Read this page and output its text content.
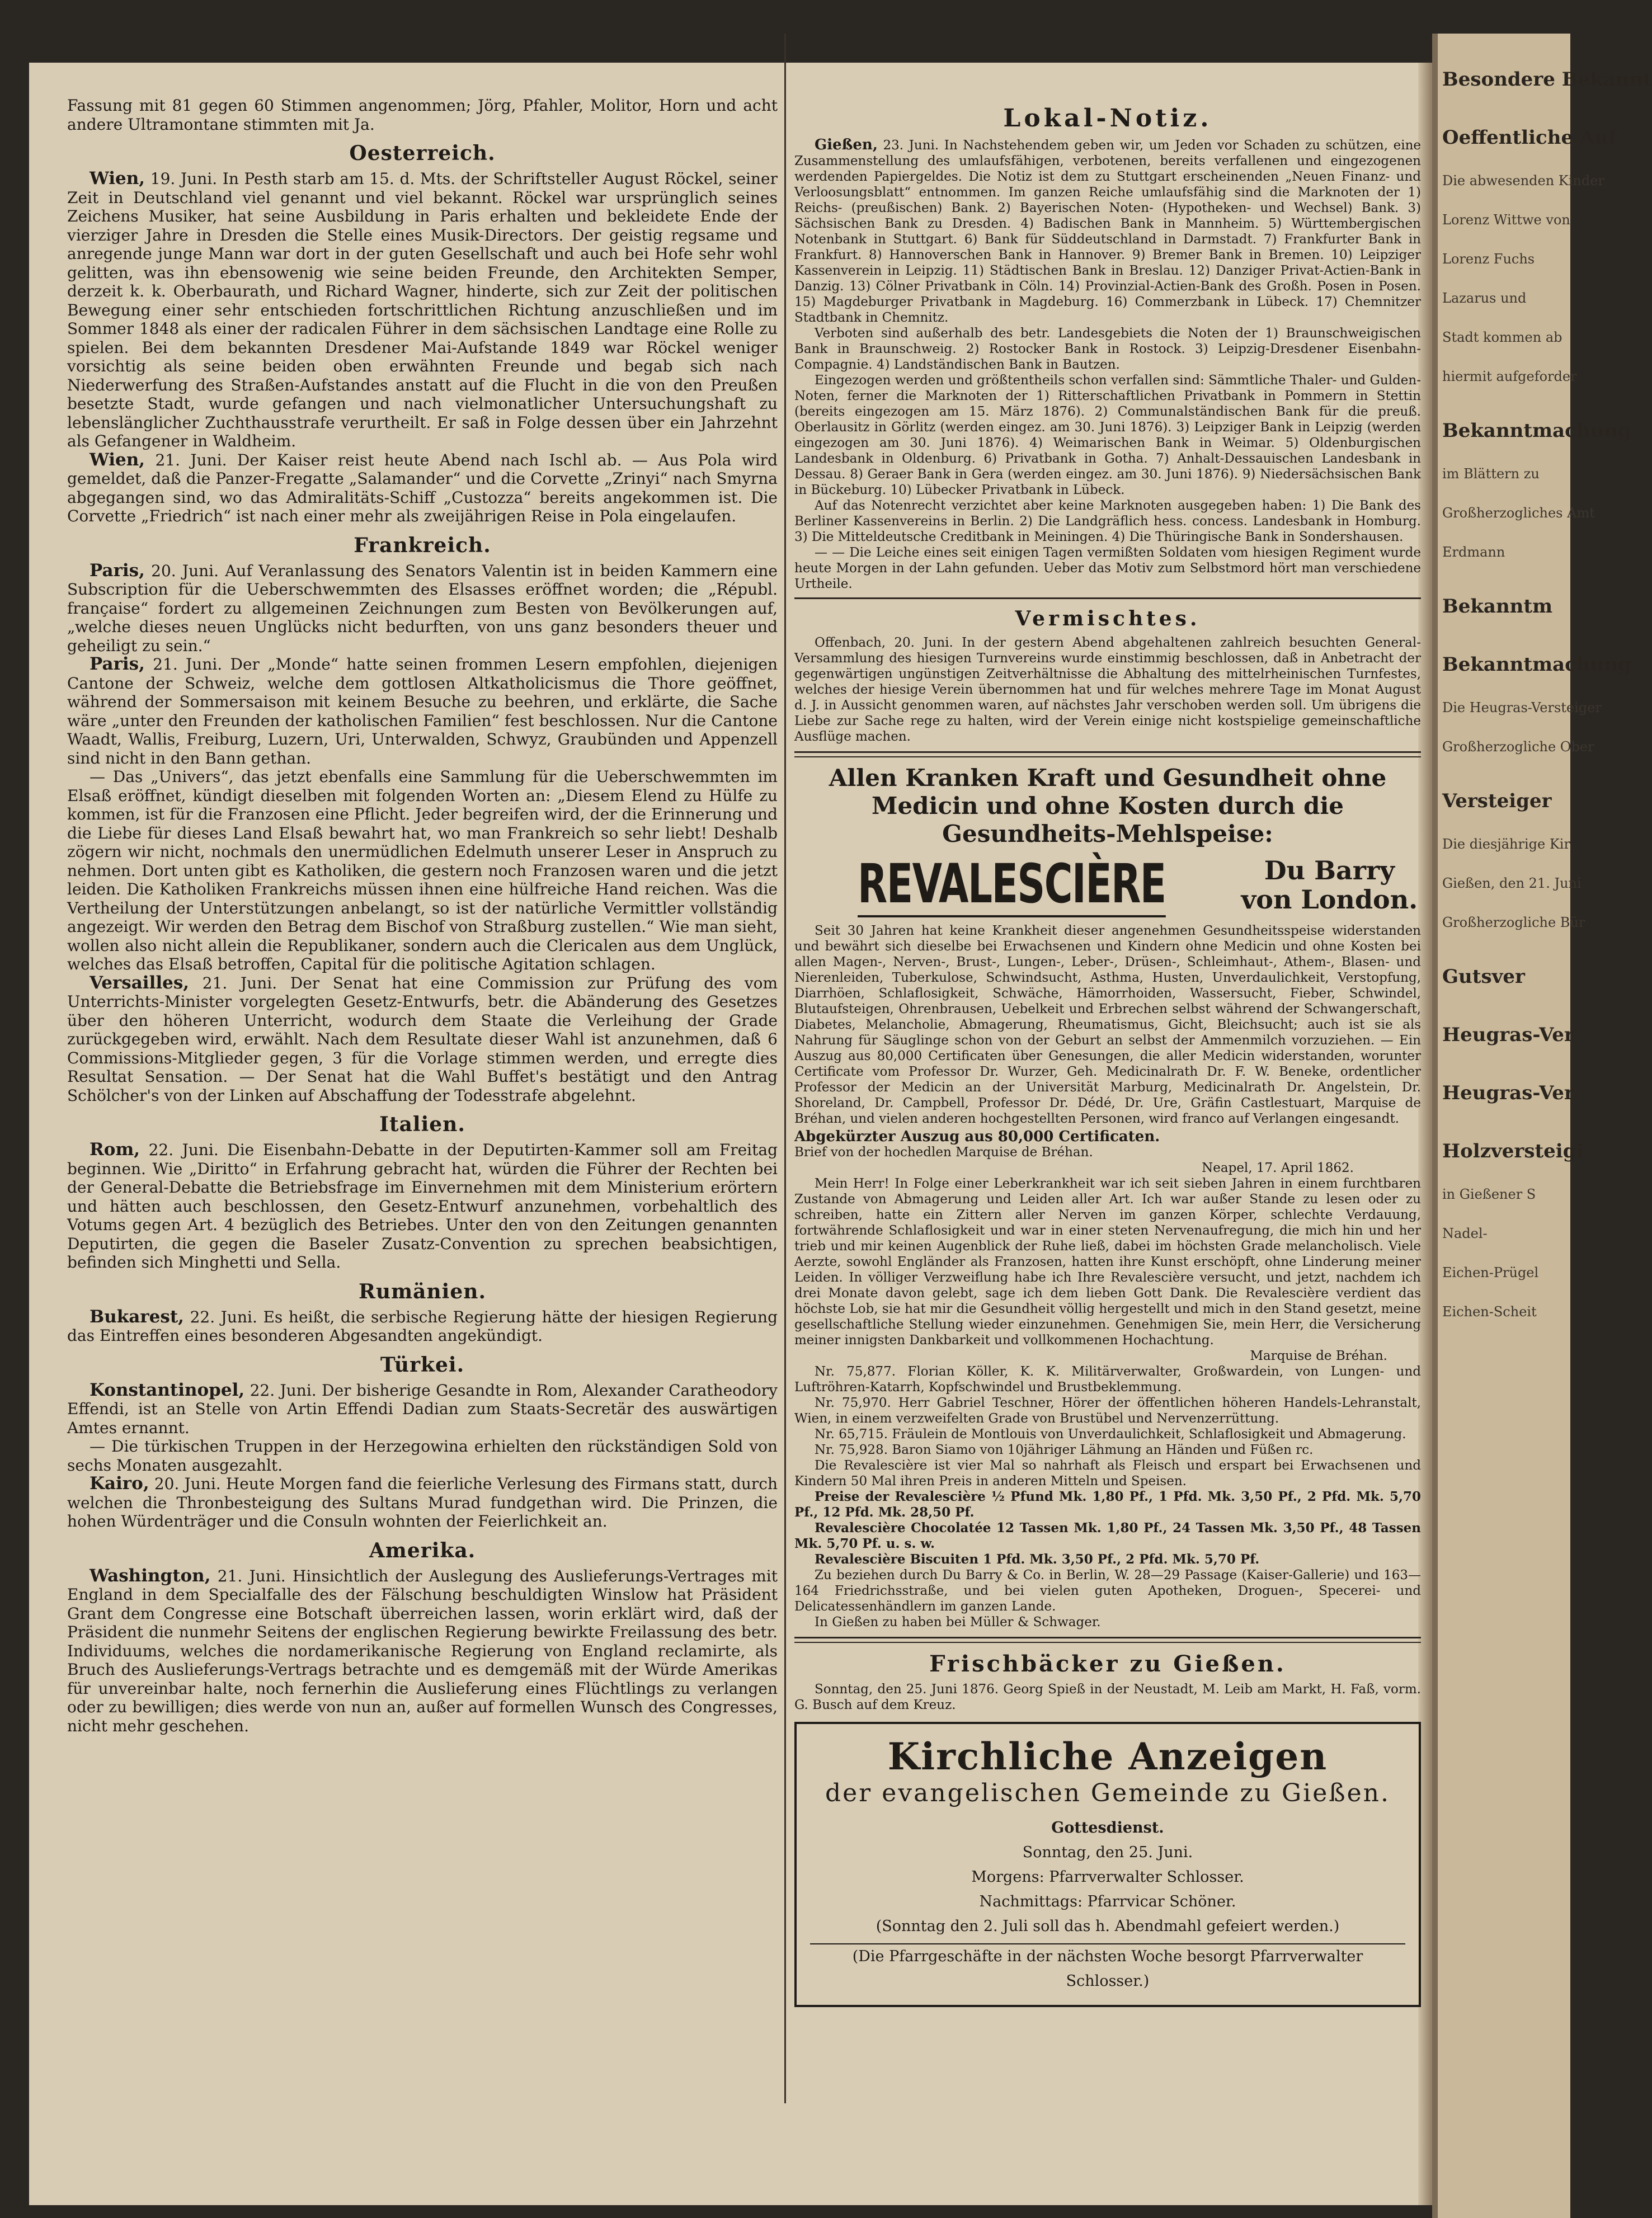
Fassung mit 81 gegen 60 Stimmen angenommen; Jörg, Pfahler, Molitor, Horn und acht andere Ultramontane stimmten mit Ja.

Oesterreich.

Wien, 19. Juni. In Pesth starb am 15. d. Mts. der Schriftsteller August Röckel, seiner Zeit in Deutschland viel genannt und viel bekannt. Röckel war ursprünglich seines Zeichens Musiker, hat seine Ausbildung in Paris erhalten und bekleidete Ende der vierziger Jahre in Dresden die Stelle eines Musik-Directors. Der geistig regsame und anregende junge Mann war dort in der guten Gesellschaft und auch bei Hofe sehr wohl gelitten, was ihn ebensowenig wie seine beiden Freunde, den Architekten Semper, derzeit k. k. Oberbaurath, und Richard Wagner, hinderte, sich zur Zeit der politischen Bewegung einer sehr entschieden fortschrittlichen Richtung anzuschließen und im Sommer 1848 als einer der radicalen Führer in dem sächsischen Landtage eine Rolle zu spielen. Bei dem bekannten Dresdener Mai-Aufstande 1849 war Röckel weniger vorsichtig als seine beiden oben erwähnten Freunde und begab sich nach Niederwerfung des Straßen-Aufstandes anstatt auf die Flucht in die von den Preußen besetzte Stadt, wurde gefangen und nach vielmonatlicher Untersuchungshaft zu lebenslänglicher Zuchthausstrafe verurtheilt. Er saß in Folge dessen über ein Jahrzehnt als Gefangener in Waldheim.

Wien, 21. Juni. Der Kaiser reist heute Abend nach Ischl ab. — Aus Pola wird gemeldet, daß die Panzer-Fregatte „Salamander“ und die Corvette „Zrinyi“ nach Smyrna abgegangen sind, wo das Admiralitäts-Schiff „Custozza“ bereits angekommen ist. Die Corvette „Friedrich“ ist nach einer mehr als zweijährigen Reise in Pola eingelaufen.

Frankreich.

Paris, 20. Juni. Auf Veranlassung des Senators Valentin ist in beiden Kammern eine Subscription für die Ueberschwemmten des Elsasses eröffnet worden; die „Républ. française“ fordert zu allgemeinen Zeichnungen zum Besten von Bevölkerungen auf, „welche dieses neuen Unglücks nicht bedurften, von uns ganz besonders theuer und geheiligt zu sein.“

Paris, 21. Juni. Der „Monde“ hatte seinen frommen Lesern empfohlen, diejenigen Cantone der Schweiz, welche dem gottlosen Altkatholicismus die Thore geöffnet, während der Sommersaison mit keinem Besuche zu beehren, und erklärte, die Sache wäre „unter den Freunden der katholischen Familien“ fest beschlossen. Nur die Cantone Waadt, Wallis, Freiburg, Luzern, Uri, Unterwalden, Schwyz, Graubünden und Appenzell sind nicht in den Bann gethan.

— Das „Univers“, das jetzt ebenfalls eine Sammlung für die Ueberschwemmten im Elsaß eröffnet, kündigt dieselben mit folgenden Worten an: „Diesem Elend zu Hülfe zu kommen, ist für die Franzosen eine Pflicht. Jeder begreifen wird, der die Erinnerung und die Liebe für dieses Land Elsaß bewahrt hat, wo man Frankreich so sehr liebt! Deshalb zögern wir nicht, nochmals den unermüdlichen Edelmuth unserer Leser in Anspruch zu nehmen. Dort unten gibt es Katholiken, die gestern noch Franzosen waren und die jetzt leiden. Die Katholiken Frankreichs müssen ihnen eine hülfreiche Hand reichen. Was die Vertheilung der Unterstützungen anbelangt, so ist der natürliche Vermittler vollständig angezeigt. Wir werden den Betrag dem Bischof von Straßburg zustellen.“ Wie man sieht, wollen also nicht allein die Republikaner, sondern auch die Clericalen aus dem Unglück, welches das Elsaß betroffen, Capital für die politische Agitation schlagen.

Versailles, 21. Juni. Der Senat hat eine Commission zur Prüfung des vom Unterrichts-Minister vorgelegten Gesetz-Entwurfs, betr. die Abänderung des Gesetzes über den höheren Unterricht, wodurch dem Staate die Verleihung der Grade zurückgegeben wird, erwählt. Nach dem Resultate dieser Wahl ist anzunehmen, daß 6 Commissions-Mitglieder gegen, 3 für die Vorlage stimmen werden, und erregte dies Resultat Sensation. — Der Senat hat die Wahl Buffet's bestätigt und den Antrag Schölcher's von der Linken auf Abschaffung der Todesstrafe abgelehnt.

Italien.

Rom, 22. Juni. Die Eisenbahn-Debatte in der Deputirten-Kammer soll am Freitag beginnen. Wie „Diritto“ in Erfahrung gebracht hat, würden die Führer der Rechten bei der General-Debatte die Betriebsfrage im Einvernehmen mit dem Ministerium erörtern und hätten auch beschlossen, den Gesetz-Entwurf anzunehmen, vorbehaltlich des Votums gegen Art. 4 bezüglich des Betriebes. Unter den von den Zeitungen genannten Deputirten, die gegen die Baseler Zusatz-Convention zu sprechen beabsichtigen, befinden sich Minghetti und Sella.

Rumänien.

Bukarest, 22. Juni. Es heißt, die serbische Regierung hätte der hiesigen Regierung das Eintreffen eines besonderen Abgesandten angekündigt.

Türkei.

Konstantinopel, 22. Juni. Der bisherige Gesandte in Rom, Alexander Caratheodory Effendi, ist an Stelle von Artin Effendi Dadian zum Staats-Secretär des auswärtigen Amtes ernannt.

— Die türkischen Truppen in der Herzegowina erhielten den rückständigen Sold von sechs Monaten ausgezahlt.

Kairo, 20. Juni. Heute Morgen fand die feierliche Verlesung des Firmans statt, durch welchen die Thronbesteigung des Sultans Murad fundgethan wird. Die Prinzen, die hohen Würdenträger und die Consuln wohnten der Feierlichkeit an.

Amerika.

Washington, 21. Juni. Hinsichtlich der Auslegung des Auslieferungs-Vertrages mit England in dem Specialfalle des der Fälschung beschuldigten Winslow hat Präsident Grant dem Congresse eine Botschaft überreichen lassen, worin erklärt wird, daß der Präsident die nunmehr Seitens der englischen Regierung bewirkte Freilassung des betr. Individuums, welches die nordamerikanische Regierung von England reclamirte, als Bruch des Auslieferungs-Vertrags betrachte und es demgemäß mit der Würde Amerikas für unvereinbar halte, noch fernerhin die Auslieferung eines Flüchtlings zu verlangen oder zu bewilligen; dies werde von nun an, außer auf formellen Wunsch des Congresses, nicht mehr geschehen.

Lokal-Notiz.

Gießen, 23. Juni. In Nachstehendem geben wir, um Jeden vor Schaden zu schützen, eine Zusammenstellung des umlaufsfähigen, verbotenen, bereits verfallenen und eingezogenen werdenden Papiergeldes. Die Notiz ist dem zu Stuttgart erscheinenden „Neuen Finanz- und Verloosungsblatt“ entnommen. Im ganzen Reiche umlaufsfähig sind die Marknoten der 1) Reichs- (preußischen) Bank. 2) Bayerischen Noten- (Hypotheken- und Wechsel) Bank. 3) Sächsischen Bank zu Dresden. 4) Badischen Bank in Mannheim. 5) Württembergischen Notenbank in Stuttgart. 6) Bank für Süddeutschland in Darmstadt. 7) Frankfurter Bank in Frankfurt. 8) Hannoverschen Bank in Hannover. 9) Bremer Bank in Bremen. 10) Leipziger Kassenverein in Leipzig. 11) Städtischen Bank in Breslau. 12) Danziger Privat-Actien-Bank in Danzig. 13) Cölner Privatbank in Cöln. 14) Provinzial-Actien-Bank des Großh. Posen in Posen. 15) Magdeburger Privatbank in Magdeburg. 16) Commerzbank in Lübeck. 17) Chemnitzer Stadtbank in Chemnitz.

Verboten sind außerhalb des betr. Landesgebiets die Noten der 1) Braunschweigischen Bank in Braunschweig. 2) Rostocker Bank in Rostock. 3) Leipzig-Dresdener Eisenbahn-Compagnie. 4) Landständischen Bank in Bautzen.

Eingezogen werden und größtentheils schon verfallen sind: Sämmtliche Thaler- und Gulden-Noten, ferner die Marknoten der 1) Ritterschaftlichen Privatbank in Pommern in Stettin (bereits eingezogen am 15. März 1876). 2) Communalständischen Bank für die preuß. Oberlausitz in Görlitz (werden eingez. am 30. Juni 1876). 3) Leipziger Bank in Leipzig (werden eingezogen am 30. Juni 1876). 4) Weimarischen Bank in Weimar. 5) Oldenburgischen Landesbank in Oldenburg. 6) Privatbank in Gotha. 7) Anhalt-Dessauischen Landesbank in Dessau. 8) Geraer Bank in Gera (werden eingez. am 30. Juni 1876). 9) Niedersächsischen Bank in Bückeburg. 10) Lübecker Privatbank in Lübeck.

Auf das Notenrecht verzichtet aber keine Marknoten ausgegeben haben: 1) Die Bank des Berliner Kassenvereins in Berlin. 2) Die Landgräflich hess. concess. Landesbank in Homburg. 3) Die Mitteldeutsche Creditbank in Meiningen. 4) Die Thüringische Bank in Sondershausen.

— — Die Leiche eines seit einigen Tagen vermißten Soldaten vom hiesigen Regiment wurde heute Morgen in der Lahn gefunden. Ueber das Motiv zum Selbstmord hört man verschiedene Urtheile.

Vermischtes.

Offenbach, 20. Juni. In der gestern Abend abgehaltenen zahlreich besuchten General-Versammlung des hiesigen Turnvereins wurde einstimmig beschlossen, daß in Anbetracht der gegenwärtigen ungünstigen Zeitverhältnisse die Abhaltung des mittelrheinischen Turnfestes, welches der hiesige Verein übernommen hat und für welches mehrere Tage im Monat August d. J. in Aussicht genommen waren, auf nächstes Jahr verschoben werden soll. Um übrigens die Liebe zur Sache rege zu halten, wird der Verein einige nicht kostspielige gemeinschaftliche Ausflüge machen.

Allen Kranken Kraft und Gesundheit ohne Medicin und ohne Kosten durch die Gesundheits-Mehlspeise:
REVALESCIÈRE	Du Barry
von London.

Seit 30 Jahren hat keine Krankheit dieser angenehmen Gesundheitsspeise widerstanden und bewährt sich dieselbe bei Erwachsenen und Kindern ohne Medicin und ohne Kosten bei allen Magen-, Nerven-, Brust-, Lungen-, Leber-, Drüsen-, Schleimhaut-, Athem-, Blasen- und Nierenleiden, Tuberkulose, Schwindsucht, Asthma, Husten, Unverdaulichkeit, Verstopfung, Diarrhöen, Schlaflosigkeit, Schwäche, Hämorrhoiden, Wassersucht, Fieber, Schwindel, Blutaufsteigen, Ohrenbrausen, Uebelkeit und Erbrechen selbst während der Schwangerschaft, Diabetes, Melancholie, Abmagerung, Rheumatismus, Gicht, Bleichsucht; auch ist sie als Nahrung für Säuglinge schon von der Geburt an selbst der Ammenmilch vorzuziehen. — Ein Auszug aus 80,000 Certificaten über Genesungen, die aller Medicin widerstanden, worunter Certificate vom Professor Dr. Wurzer, Geh. Medicinalrath Dr. F. W. Beneke, ordentlicher Professor der Medicin an der Universität Marburg, Medicinalrath Dr. Angelstein, Dr. Shoreland, Dr. Campbell, Professor Dr. Dédé, Dr. Ure, Gräfin Castlestuart, Marquise de Bréhan, und vielen anderen hochgestellten Personen, wird franco auf Verlangen eingesandt.

Abgekürzter Auszug aus 80,000 Certificaten.

Brief von der hochedlen Marquise de Bréhan.

Neapel, 17. April 1862.

Mein Herr! In Folge einer Leberkrankheit war ich seit sieben Jahren in einem furchtbaren Zustande von Abmagerung und Leiden aller Art. Ich war außer Stande zu lesen oder zu schreiben, hatte ein Zittern aller Nerven im ganzen Körper, schlechte Verdauung, fortwährende Schlaflosigkeit und war in einer steten Nervenaufregung, die mich hin und her trieb und mir keinen Augenblick der Ruhe ließ, dabei im höchsten Grade melancholisch. Viele Aerzte, sowohl Engländer als Franzosen, hatten ihre Kunst erschöpft, ohne Linderung meiner Leiden. In völliger Verzweiflung habe ich Ihre Revalescière versucht, und jetzt, nachdem ich drei Monate davon gelebt, sage ich dem lieben Gott Dank. Die Revalescière verdient das höchste Lob, sie hat mir die Gesundheit völlig hergestellt und mich in den Stand gesetzt, meine gesellschaftliche Stellung wieder einzunehmen. Genehmigen Sie, mein Herr, die Versicherung meiner innigsten Dankbarkeit und vollkommenen Hochachtung.

Marquise de Bréhan.

Nr. 75,877. Florian Köller, K. K. Militärverwalter, Großwardein, von Lungen- und Luftröhren-Katarrh, Kopfschwindel und Brustbeklemmung.

Nr. 75,970. Herr Gabriel Teschner, Hörer der öffentlichen höheren Handels-Lehranstalt, Wien, in einem verzweifelten Grade von Brustübel und Nervenzerrüttung.

Nr. 65,715. Fräulein de Montlouis von Unverdaulichkeit, Schlaflosigkeit und Abmagerung.

Nr. 75,928. Baron Siamo von 10jähriger Lähmung an Händen und Füßen rc.

Die Revalescière ist vier Mal so nahrhaft als Fleisch und erspart bei Erwachsenen und Kindern 50 Mal ihren Preis in anderen Mitteln und Speisen.

Preise der Revalescière ½ Pfund Mk. 1,80 Pf., 1 Pfd. Mk. 3,50 Pf., 2 Pfd. Mk. 5,70 Pf., 12 Pfd. Mk. 28,50 Pf.

Revalescière Chocolatée 12 Tassen Mk. 1,80 Pf., 24 Tassen Mk. 3,50 Pf., 48 Tassen Mk. 5,70 Pf. u. s. w.

Revalescière Biscuiten 1 Pfd. Mk. 3,50 Pf., 2 Pfd. Mk. 5,70 Pf.

Zu beziehen durch Du Barry & Co. in Berlin, W. 28—29 Passage (Kaiser-Gallerie) und 163—164 Friedrichsstraße, und bei vielen guten Apotheken, Droguen-, Specerei- und Delicatessenhändlern im ganzen Lande.

In Gießen zu haben bei Müller & Schwager.

Frischbäcker zu Gießen.

Sonntag, den 25. Juni 1876. Georg Spieß in der Neustadt, M. Leib am Markt, H. Faß, vorm. G. Busch auf dem Kreuz.

Kirchliche Anzeigen
der evangelischen Gemeinde zu Gießen.
Gottesdienst.
Sonntag, den 25. Juni.
Morgens: Pfarrverwalter Schlosser.
Nachmittags: Pfarrvicar Schöner.
(Sonntag den 2. Juli soll das h. Abendmahl gefeiert werden.)
(Die Pfarrgeschäfte in der nächsten Woche besorgt Pfarrverwalter Schlosser.)
Besondere Bekannt
Oeffentliche Auf
Die abwesenden Kinder
Lorenz Wittwe von
Lorenz Fuchs
Lazarus und
Stadt kommen ab
hiermit aufgeforder
Bekanntmachung
im Blättern zu
Großherzogliches Amt
Erdmann
Bekanntm
Bekanntmachung
Die Heugras-Versteiger
Großherzogliche Ober
Versteiger
Die diesjährige Kir
Gießen, den 21. Juni
Großherzogliche Bür
Gutsver
Heugras-Ver
Heugras-Ver
Holzversteigi
in Gießener S
Nadel-
Eichen-Prügel
Eichen-Scheit
